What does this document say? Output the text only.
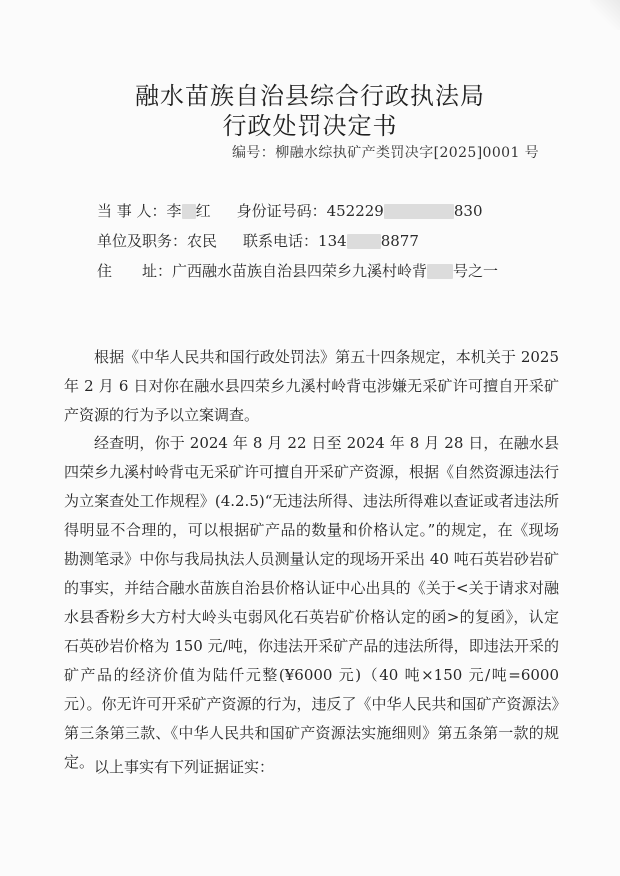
融水苗族自治县综合行政执法局
行政处罚决定书
编号：柳融水综执矿产类罚决字[2025]0001 号
当 事 人：李 红 身份证号码：452229	830
单位及职务：农民 联系电话：134 8877
住　　址：广西融水苗族自治县四荣乡九溪村岭背 号之一
根据《中华人民共和国行政处罚法》第五十四条规定，本机关于 2025 年 2 月 6 日对你在融水县四荣乡九溪村岭背屯涉嫌无采矿许可擅自开采矿产资源的行为予以立案调查。
经查明，你于 2024 年 8 月 22 日至 2024 年 8 月 28 日，在融水县四荣乡九溪村岭背屯无采矿许可擅自开采矿产资源，根据《自然资源违法行为立案查处工作规程》(4.2.5)“无违法所得、违法所得难以查证或者违法所得明显不合理的，可以根据矿产品的数量和价格认定。”的规定，在《现场勘测笔录》中你与我局执法人员测量认定的现场开采出 40 吨石英岩砂岩矿的事实，并结合融水苗族自治县价格认证中心出具的《关于<关于请求对融水县香粉乡大方村大岭头屯弱风化石英岩矿价格认定的函>的复函》，认定石英砂岩价格为 150 元/吨，你违法开采矿产品的违法所得，即违法开采的矿产品的经济价值为陆仟元整(¥6000 元)（40 吨×150 元/吨=6000 元）。你无许可开采矿产资源的行为，违反了《中华人民共和国矿产资源法》第三条第三款、《中华人民共和国矿产资源法实施细则》第五条第一款的规定。 以上事实有下列证据证实：
